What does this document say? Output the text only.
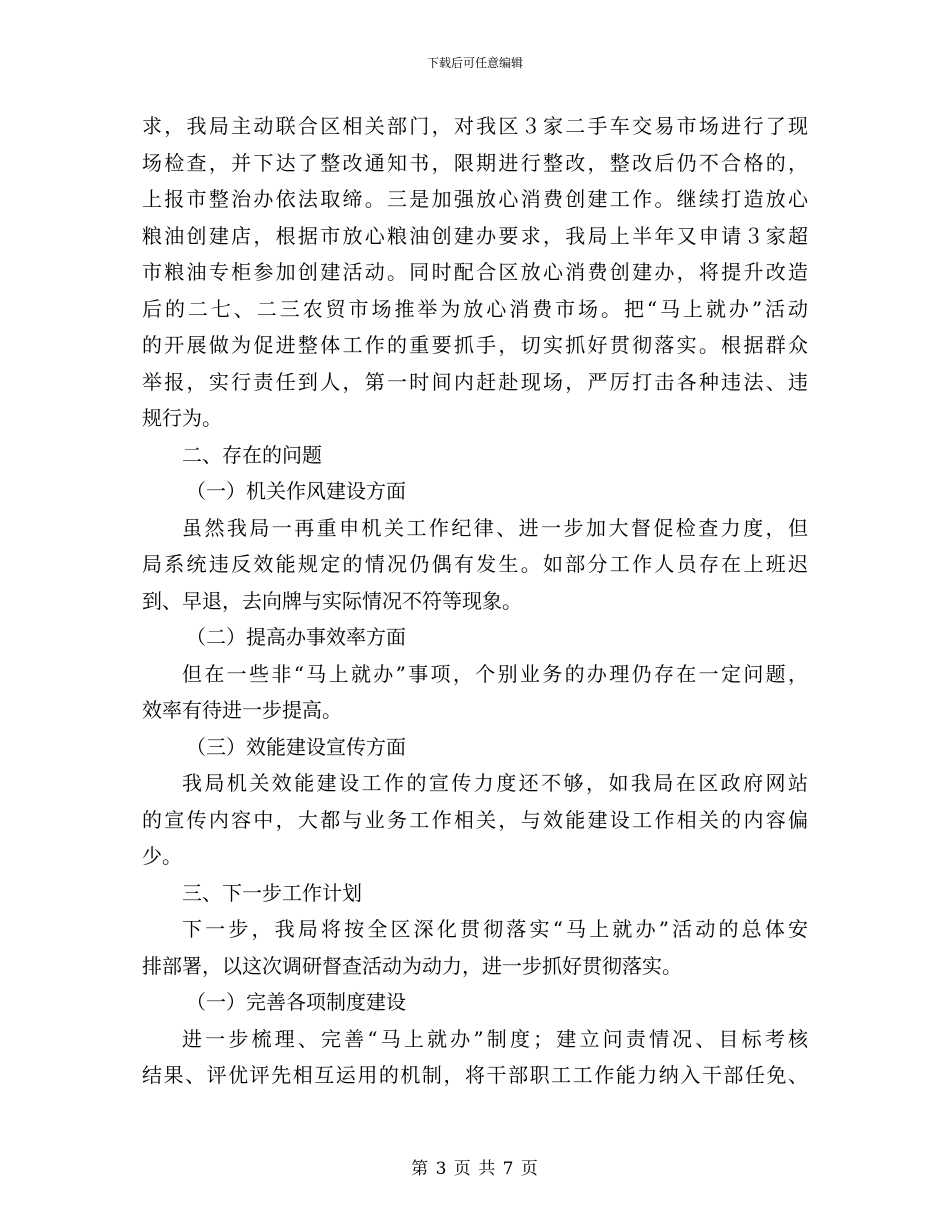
下载后可任意编辑
求，我局主动联合区相关部门，对我区３家二手车交易市场进行了现
场检查，并下达了整改通知书，限期进行整改，整改后仍不合格的，
上报市整治办依法取缔。三是加强放心消费创建工作。继续打造放心
粮油创建店，根据市放心粮油创建办要求，我局上半年又申请３家超
市粮油专柜参加创建活动。同时配合区放心消费创建办，将提升改造
后的二七、二三农贸市场推举为放心消费市场。把“马上就办”活动
的开展做为促进整体工作的重要抓手，切实抓好贯彻落实。根据群众
举报，实行责任到人，第一时间内赶赴现场，严厉打击各种违法、违
规行为。
二、存在的问题
（一）机关作风建设方面
虽然我局一再重申机关工作纪律、进一步加大督促检查力度，但
局系统违反效能规定的情况仍偶有发生。如部分工作人员存在上班迟
到、早退，去向牌与实际情况不符等现象。
（二）提高办事效率方面
但在一些非“马上就办”事项，个别业务的办理仍存在一定问题，
效率有待进一步提高。
（三）效能建设宣传方面
我局机关效能建设工作的宣传力度还不够，如我局在区政府网站
的宣传内容中，大都与业务工作相关，与效能建设工作相关的内容偏
少。
三、下一步工作计划
下一步，我局将按全区深化贯彻落实“马上就办”活动的总体安
排部署，以这次调研督查活动为动力，进一步抓好贯彻落实。
（一）完善各项制度建设
进一步梳理、完善“马上就办”制度；建立问责情况、目标考核
结果、评优评先相互运用的机制，将干部职工工作能力纳入干部任免、
第 3 页 共 7 页
